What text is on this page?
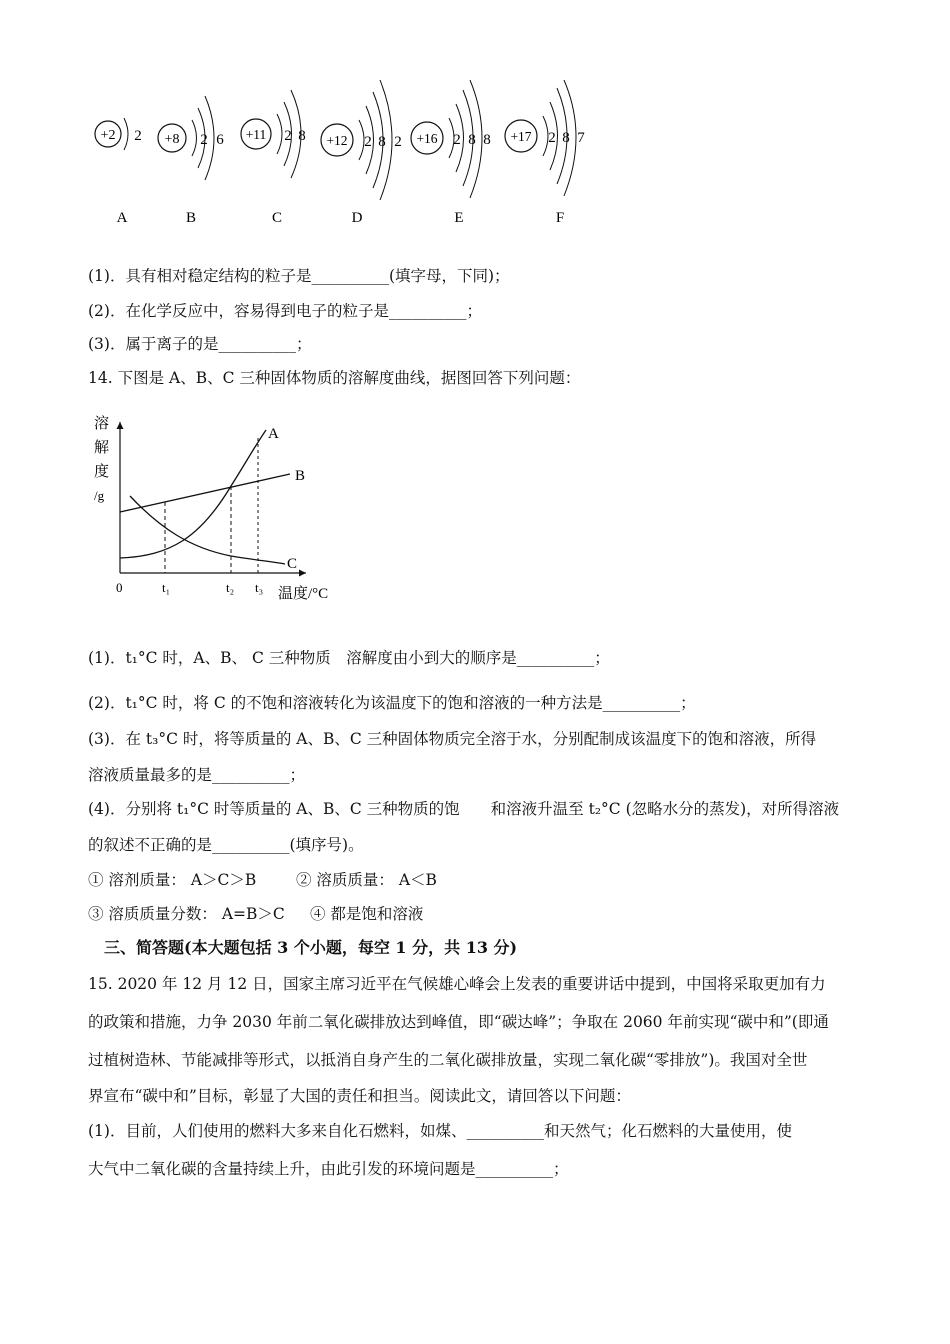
+2 2
A
+8 2 6
B
+11 2 8
C
+12 2 8 2
D
+16 2 8 8
E
+17 2 8 7
F
(1)．具有相对稳定结构的粒子是__________(填字母，下同)；
(2)．在化学反应中，容易得到电子的粒子是__________；
(3)．属于离子的是__________；
14. 下图是 A、B、C 三种固体物质的溶解度曲线，据图回答下列问题：
溶
解
度
/g
0	t₁	t₂ t₃ 温度/°C
A
B
C
(1)．t₁°C 时，A、B、 C 三种物质　溶解度由小到大的顺序是__________；
(2)．t₁°C 时，将 C 的不饱和溶液转化为该温度下的饱和溶液的一种方法是__________；
(3)．在 t₃°C 时，将等质量的 A、B、C 三种固体物质完全溶于水，分别配制成该温度下的饱和溶液，所得
溶液质量最多的是__________；
(4)．分别将 t₁°C 时等质量的 A、B、C 三种物质的饱　　和溶液升温至 t₂°C (忽略水分的蒸发)，对所得溶液
的叙述不正确的是__________(填序号)。
① 溶剂质量： A＞C＞B	② 溶质质量： A＜B
③ 溶质质量分数： A=B＞C ④ 都是饱和溶液
三、简答题(本大题包括 3 个小题，每空 1 分，共 13 分)
15. 2020 年 12 月 12 日，国家主席习近平在气候雄心峰会上发表的重要讲话中提到，中国将采取更加有力
的政策和措施，力争 2030 年前二氧化碳排放达到峰值，即“碳达峰”；争取在 2060 年前实现“碳中和”(即通
过植树造林、节能减排等形式，以抵消自身产生的二氧化碳排放量，实现二氧化碳“零排放”)。我国对全世
界宣布“碳中和”目标，彰显了大国的责任和担当。阅读此文，请回答以下问题：
(1)．目前，人们使用的燃料大多来自化石燃料，如煤、__________和天然气；化石燃料的大量使用，使
大气中二氧化碳的含量持续上升，由此引发的环境问题是__________；
